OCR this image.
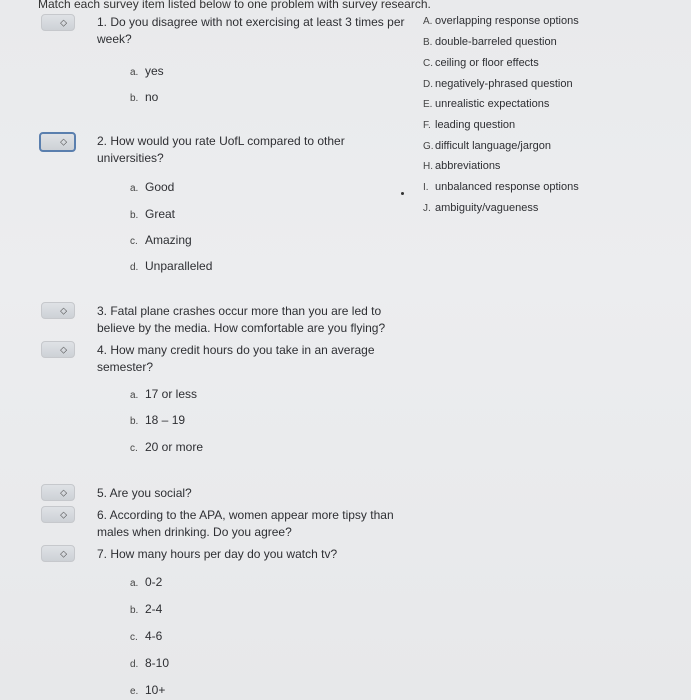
Match each survey item listed below to one problem with survey research.
◇
◇
◇
◇
◇
◇
◇
1. Do you disagree with not exercising at least 3 times per week?
a. yes
b. no
2. How would you rate UofL compared to other universities?
a. Good
b. Great
c. Amazing
d. Unparalleled
3. Fatal plane crashes occur more than you are led to believe by the media. How comfortable are you flying?
4. How many credit hours do you take in an average semester?
a. 17 or less
b. 18 – 19
c. 20 or more
5. Are you social?
6. According to the APA, women appear more tipsy than males when drinking. Do you agree?
7. How many hours per day do you watch tv?
a. 0-2
b. 2-4
c. 4-6
d. 8-10
e. 10+
A. overlapping response options
B. double-barreled question
C. ceiling or floor effects
D. negatively-phrased question
E. unrealistic expectations
F. leading question
G.difficult language/jargon
H. abbreviations
I. unbalanced response options
J. ambiguity/vagueness
